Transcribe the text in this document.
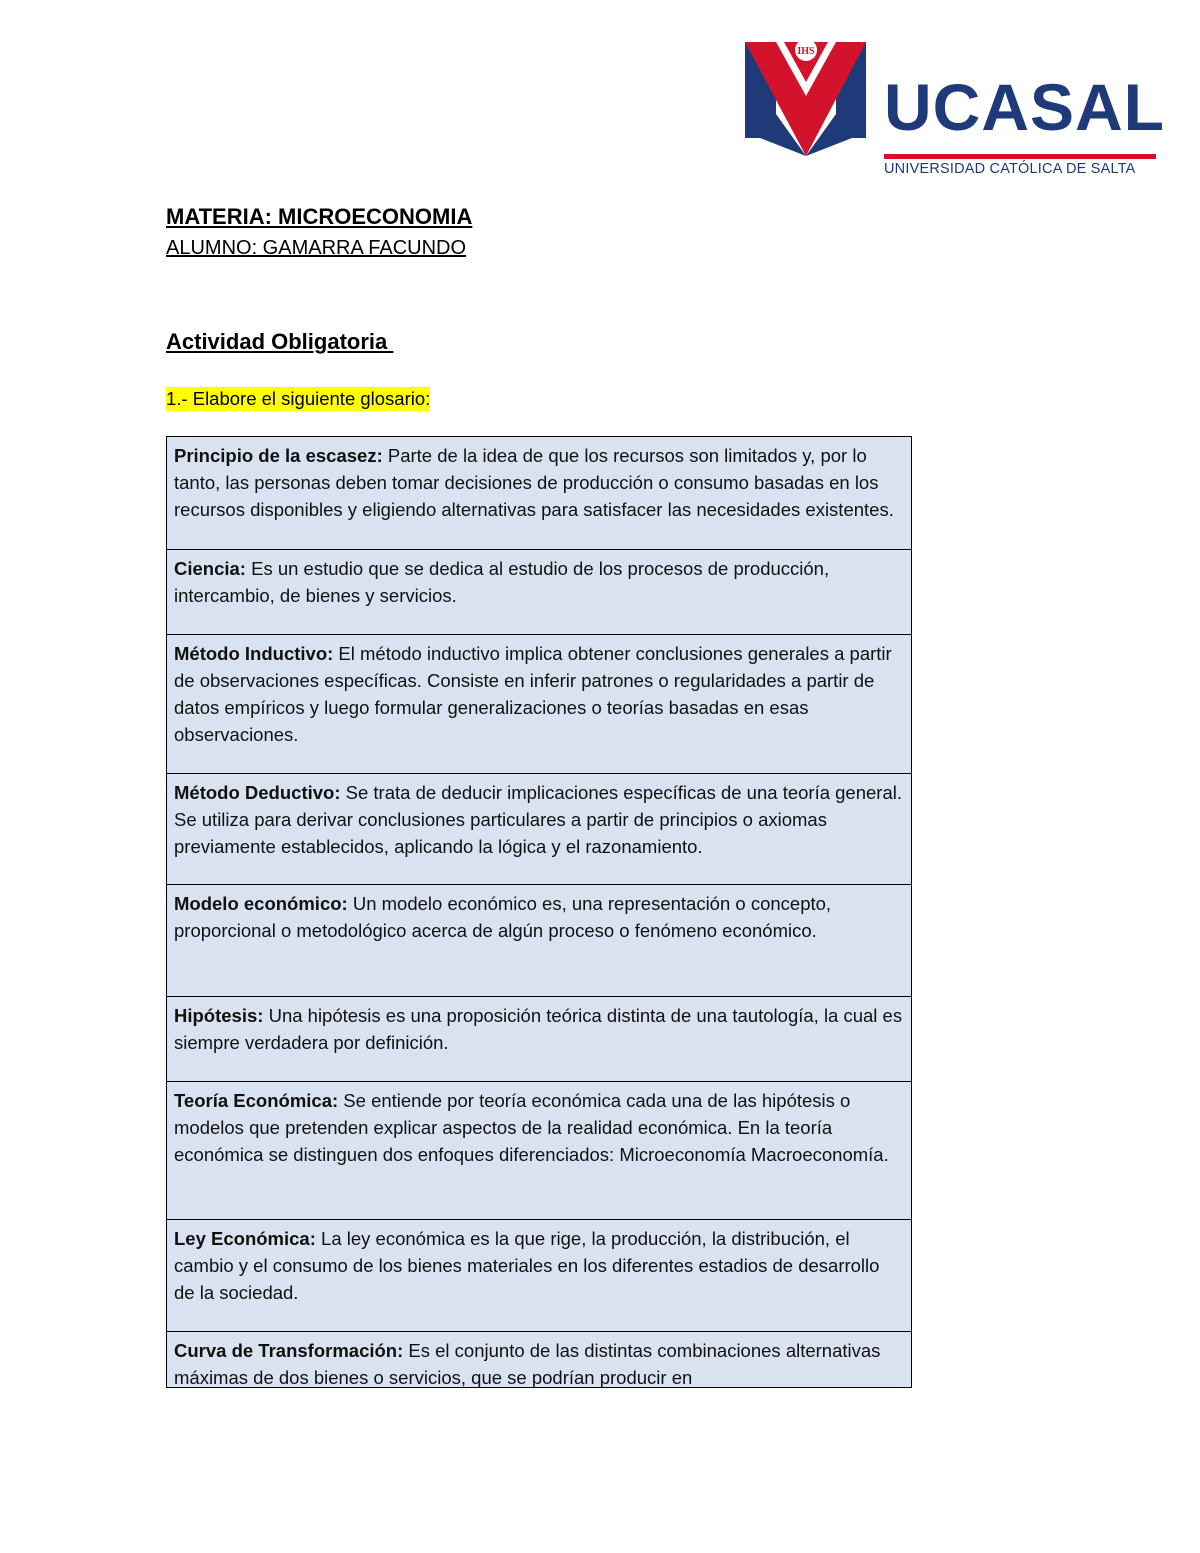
IHS
UCASAL
UNIVERSIDAD CATÓLICA DE SALTA
MATERIA: MICROECONOMIA
ALUMNO: GAMARRA FACUNDO
Actividad Obligatoria
1.- Elabore el siguiente glosario:
Principio de la escasez: Parte de la idea de que los recursos son limitados y, por lo tanto, las personas deben tomar decisiones de producción o consumo basadas en los recursos disponibles y eligiendo alternativas para satisfacer las necesidades existentes.
Ciencia: Es un estudio que se dedica al estudio de los procesos de producción, intercambio, de bienes y servicios.
Método Inductivo: El método inductivo implica obtener conclusiones generales a partir de observaciones específicas. Consiste en inferir patrones o regularidades a partir de datos empíricos y luego formular generalizaciones o teorías basadas en esas observaciones.
Método Deductivo: Se trata de deducir implicaciones específicas de una teoría general. Se utiliza para derivar conclusiones particulares a partir de principios o axiomas previamente establecidos, aplicando la lógica y el razonamiento.
Modelo económico: Un modelo económico es, una representación o concepto, proporcional o metodológico acerca de algún proceso o fenómeno económico.
Hipótesis: Una hipótesis es una proposición teórica distinta de una tautología, la cual es siempre verdadera por definición.
Teoría Económica: Se entiende por teoría económica cada una de las hipótesis o modelos que pretenden explicar aspectos de la realidad económica. En la teoría económica se distinguen dos enfoques diferenciados: Microeconomía Macroeconomía.
Ley Económica: La ley económica es la que rige, la producción, la distribución, el cambio y el consumo de los bienes materiales en los diferentes estadios de desarrollo de la sociedad.
Curva de Transformación: Es el conjunto de las distintas combinaciones alternativas máximas de dos bienes o servicios, que se podrían producir en
